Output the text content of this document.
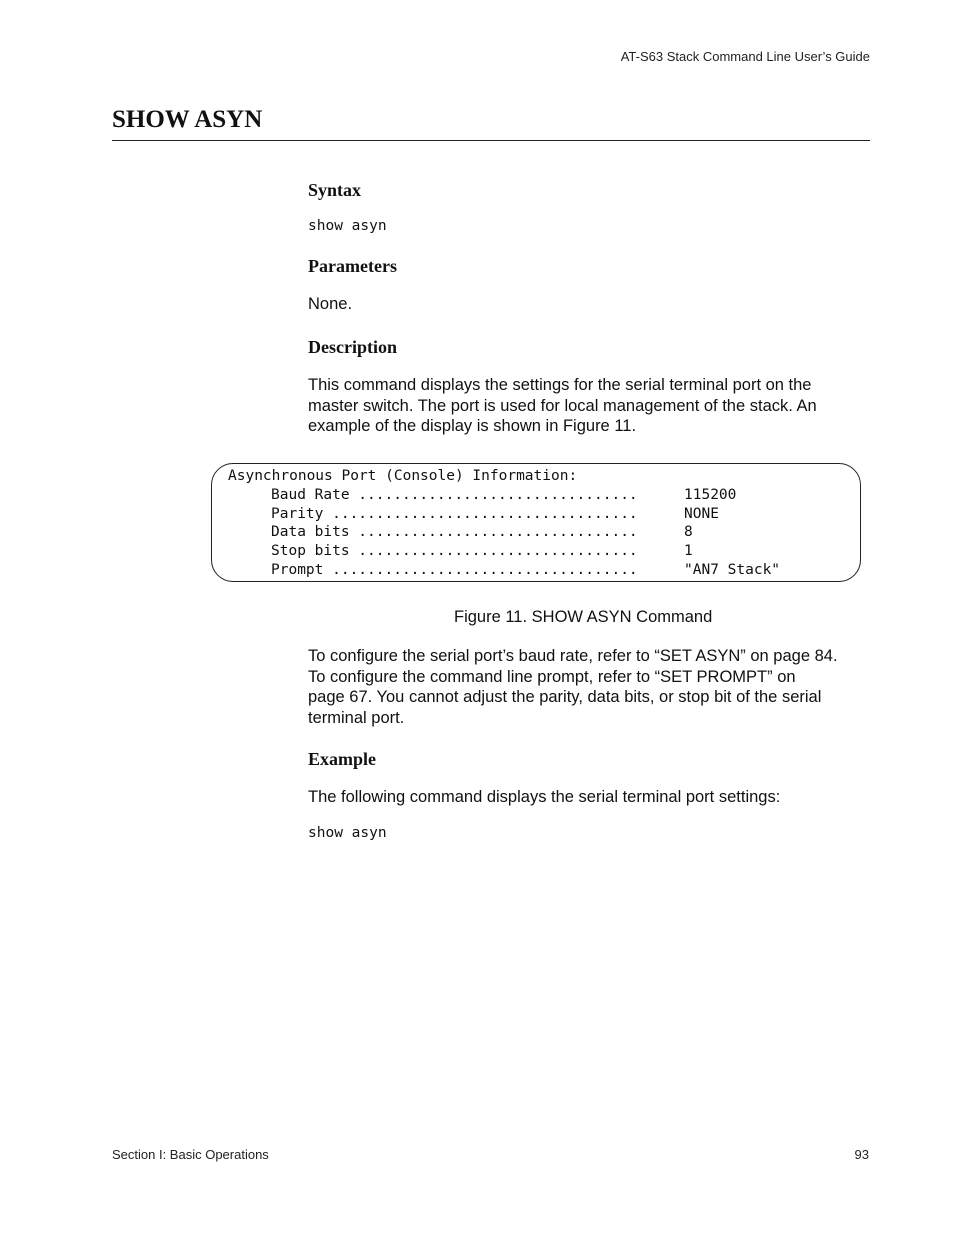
AT-S63 Stack Command Line User’s Guide
SHOW ASYN
Syntax
show asyn
Parameters
None.
Description
This command displays the settings for the serial terminal port on the
master switch. The port is used for local management of the stack. An
example of the display is shown in Figure 11.
Asynchronous Port (Console) Information:
Baud Rate ................................	115200
Parity ...................................	NONE
Data bits ................................	8
Stop bits ................................	1
Prompt ...................................	"AN7 Stack"
Figure 11. SHOW ASYN Command
To configure the serial port’s baud rate, refer to “SET ASYN” on page 84.
To configure the command line prompt, refer to “SET PROMPT” on
page 67. You cannot adjust the parity, data bits, or stop bit of the serial
terminal port.
Example
The following command displays the serial terminal port settings:
show asyn
Section I: Basic Operations	93
